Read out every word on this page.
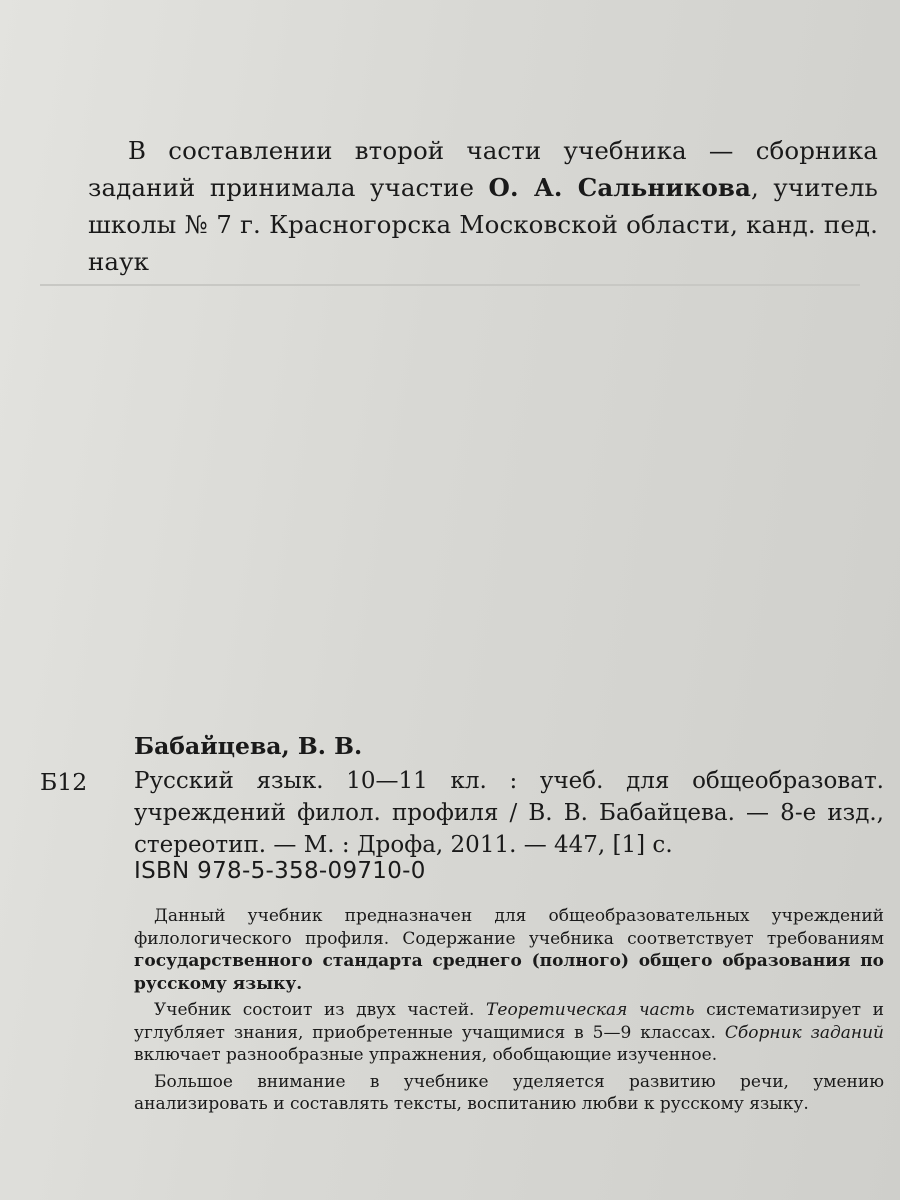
В составлении второй части учебника — сборника заданий принимала участие О. А. Сальникова, учитель школы № 7 г. Красногорска Московской области, канд. пед. наук
Бабайцева, В. В.
Б12 Русский язык. 10—11 кл. : учеб. для общеобразоват. учреждений филол. профиля / В. В. Бабайцева. — 8-е изд., стереотип. — М. : Дрофа, 2011. — 447, [1] с.
ISBN 978-5-358-09710-0

Данный учебник предназначен для общеобразовательных учреждений филологического профиля. Содержание учебника соответствует требованиям государственного стандарта среднего (полного) общего образования по русскому языку.

Учебник состоит из двух частей. Теоретическая часть систематизирует и углубляет знания, приобретенные учащимися в 5—9 классах. Сборник заданий включает разнообразные упражнения, обобщающие изученное.

Большое внимание в учебнике уделяется развитию речи, умению анализировать и составлять тексты, воспитанию любви к русскому языку.
